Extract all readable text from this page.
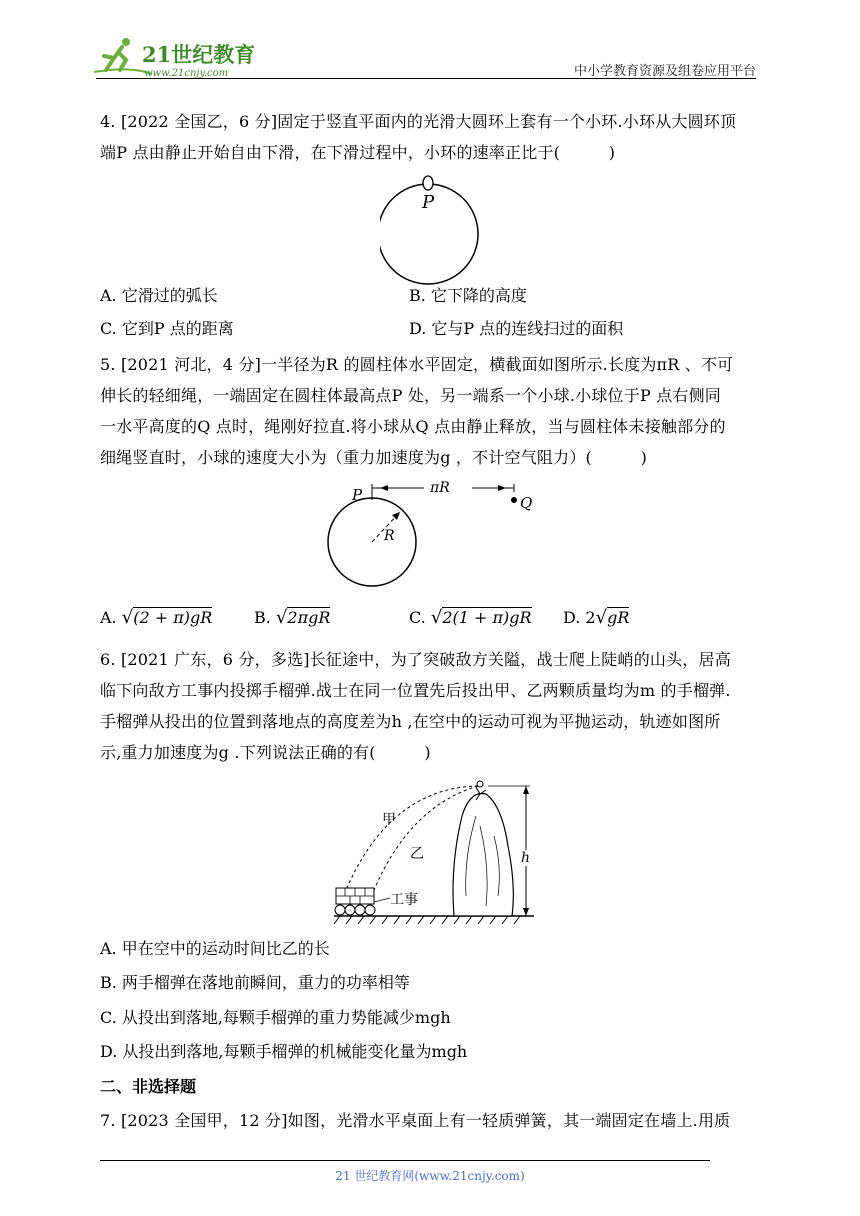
21世纪教育
www.21cnjy.com	中小学教育资源及组卷应用平台
4. [2022 全国乙，6 分]固定于竖直平面内的光滑大圆环上套有一个小环.小环从大圆环顶
端P 点由静止开始自由下滑，在下滑过程中，小环的速率正比于(　　　)
P
A. 它滑过的弧长	B. 它下降的高度
C. 它到P 点的距离	D. 它与P 点的连线扫过的面积
5. [2021 河北，4 分]一半径为R 的圆柱体水平固定，横截面如图所示.长度为πR 、不可
伸长的轻细绳，一端固定在圆柱体最高点P 处，另一端系一个小球.小球位于P 点右侧同
一水平高度的Q 点时，绳刚好拉直.将小球从Q 点由静止释放，当与圆柱体未接触部分的
细绳竖直时，小球的速度大小为（重力加速度为g ，不计空气阻力）(　　　)
πR
P	Q
R
A. √(2 + π)gR	B. √2πgR	C. √2(1 + π)gR D. 2√gR
6. [2021 广东，6 分，多选]长征途中，为了突破敌方关隘，战士爬上陡峭的山头，居高
临下向敌方工事内投掷手榴弹.战士在同一位置先后投出甲、乙两颗质量均为m 的手榴弹.
手榴弹从投出的位置到落地点的高度差为h ,在空中的运动可视为平抛运动，轨迹如图所
示,重力加速度为g .下列说法正确的有(　　　)
工事
甲
乙	h
A. 甲在空中的运动时间比乙的长
B. 两手榴弹在落地前瞬间，重力的功率相等
C. 从投出到落地,每颗手榴弹的重力势能减少mgh
D. 从投出到落地,每颗手榴弹的机械能变化量为mgh
二、非选择题
7. [2023 全国甲，12 分]如图，光滑水平桌面上有一轻质弹簧，其一端固定在墙上.用质
21 世纪教育网(www.21cnjy.com)
